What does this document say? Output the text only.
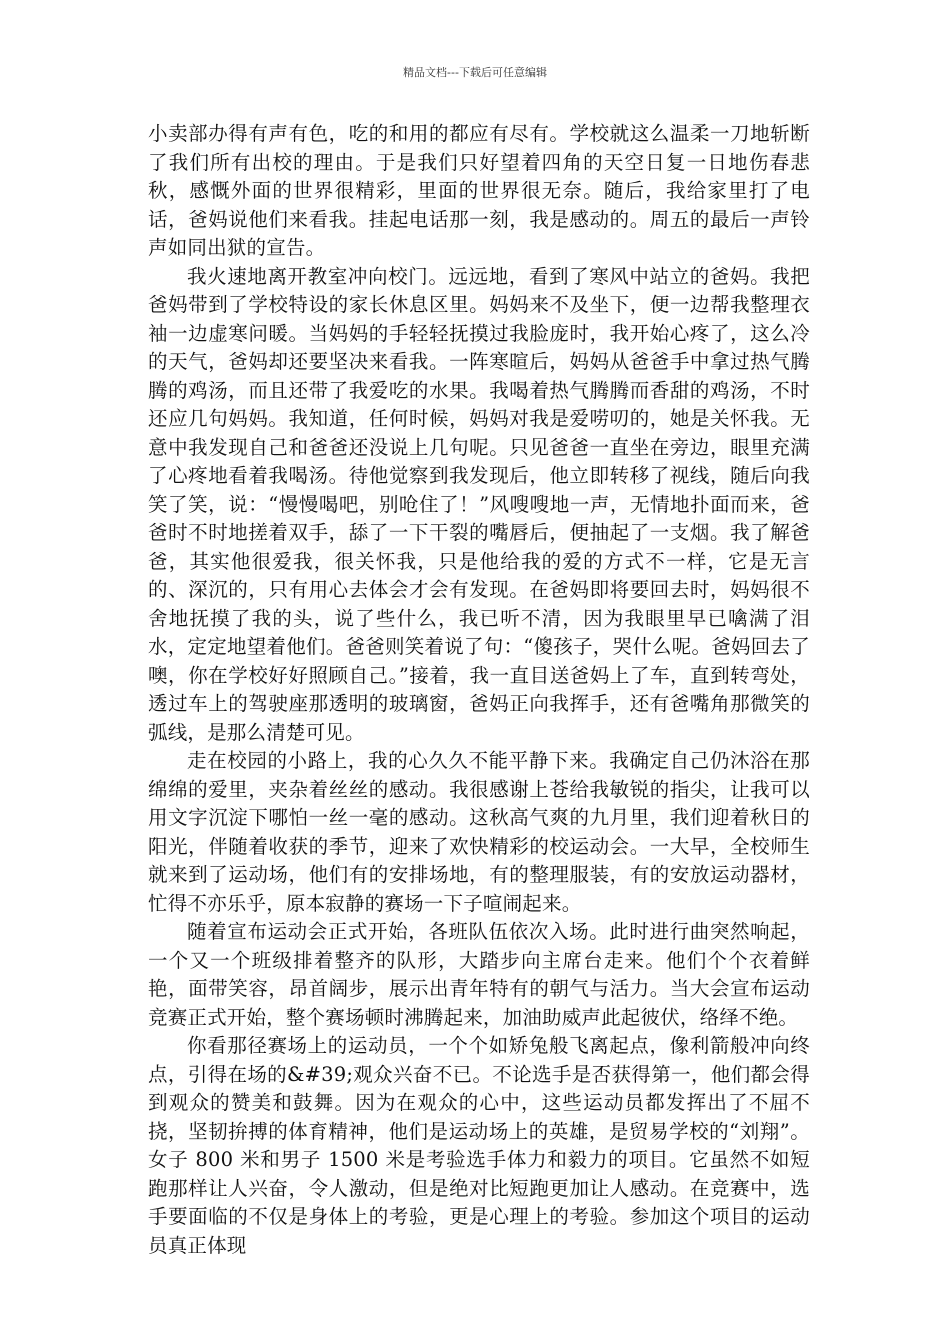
精品文档---下载后可任意编辑

小卖部办得有声有色，吃的和用的都应有尽有。学校就这么温柔一刀地斩断了我们所有出校的理由。于是我们只好望着四角的天空日复一日地伤春悲秋，感慨外面的世界很精彩，里面的世界很无奈。随后，我给家里打了电话，爸妈说他们来看我。挂起电话那一刻，我是感动的。周五的最后一声铃声如同出狱的宣告。

我火速地离开教室冲向校门。远远地，看到了寒风中站立的爸妈。我把爸妈带到了学校特设的家长休息区里。妈妈来不及坐下，便一边帮我整理衣袖一边虚寒问暖。当妈妈的手轻轻抚摸过我脸庞时，我开始心疼了，这么冷的天气，爸妈却还要坚决来看我。一阵寒暄后，妈妈从爸爸手中拿过热气腾腾的鸡汤，而且还带了我爱吃的水果。我喝着热气腾腾而香甜的鸡汤，不时还应几句妈妈。我知道，任何时候，妈妈对我是爱唠叨的，她是关怀我。无意中我发现自己和爸爸还没说上几句呢。只见爸爸一直坐在旁边，眼里充满了心疼地看着我喝汤。待他觉察到我发现后，他立即转移了视线，随后向我笑了笑，说：“慢慢喝吧，别呛住了！”风嗖嗖地一声，无情地扑面而来，爸爸时不时地搓着双手，舔了一下干裂的嘴唇后，便抽起了一支烟。我了解爸爸，其实他很爱我，很关怀我，只是他给我的爱的方式不一样，它是无言的、深沉的，只有用心去体会才会有发现。在爸妈即将要回去时，妈妈很不舍地抚摸了我的头，说了些什么，我已听不清，因为我眼里早已噙满了泪水，定定地望着他们。爸爸则笑着说了句：“傻孩子，哭什么呢。爸妈回去了噢，你在学校好好照顾自己。”接着，我一直目送爸妈上了车，直到转弯处，透过车上的驾驶座那透明的玻璃窗，爸妈正向我挥手，还有爸嘴角那微笑的弧线，是那么清楚可见。

走在校园的小路上，我的心久久不能平静下来。我确定自己仍沐浴在那绵绵的爱里，夹杂着丝丝的感动。我很感谢上苍给我敏锐的指尖，让我可以用文字沉淀下哪怕一丝一毫的感动。这秋高气爽的九月里，我们迎着秋日的阳光，伴随着收获的季节，迎来了欢快精彩的校运动会。一大早，全校师生就来到了运动场，他们有的安排场地，有的整理服装，有的安放运动器材，忙得不亦乐乎，原本寂静的赛场一下子喧闹起来。

随着宣布运动会正式开始，各班队伍依次入场。此时进行曲突然响起，一个又一个班级排着整齐的队形，大踏步向主席台走来。他们个个衣着鲜艳，面带笑容，昂首阔步，展示出青年特有的朝气与活力。当大会宣布运动竞赛正式开始，整个赛场顿时沸腾起来，加油助威声此起彼伏，络绎不绝。

你看那径赛场上的运动员，一个个如矫兔般飞离起点，像利箭般冲向终点，引得在场的&#39;观众兴奋不已。不论选手是否获得第一，他们都会得到观众的赞美和鼓舞。因为在观众的心中，这些运动员都发挥出了不屈不挠，坚韧拚搏的体育精神，他们是运动场上的英雄，是贸易学校的“刘翔”。女子 800 米和男子 1500 米是考验选手体力和毅力的项目。它虽然不如短跑那样让人兴奋，令人激动，但是绝对比短跑更加让人感动。在竞赛中，选手要面临的不仅是身体上的考验，更是心理上的考验。参加这个项目的运动员真正体现
